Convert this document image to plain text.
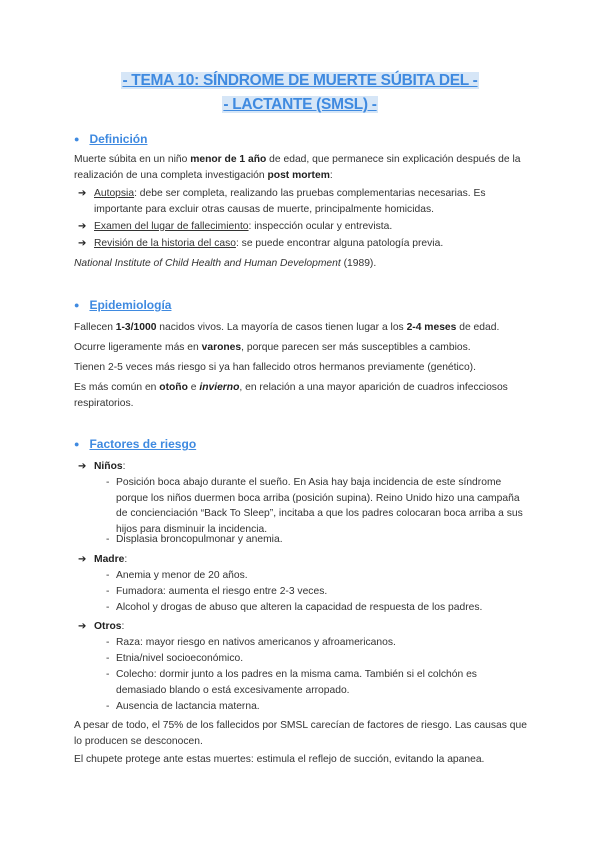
- TEMA 10: SÍNDROME DE MUERTE SÚBITA DEL -
- LACTANTE (SMSL) -
● Definición
Muerte súbita en un niño menor de 1 año de edad, que permanece sin explicación después de la realización de una completa investigación post mortem:
➔ Autopsia: debe ser completa, realizando las pruebas complementarias necesarias. Es importante para excluir otras causas de muerte, principalmente homicidas.
➔ Examen del lugar de fallecimiento: inspección ocular y entrevista.
➔ Revisión de la historia del caso: se puede encontrar alguna patología previa.
National Institute of Child Health and Human Development (1989).
● Epidemiología
Fallecen 1-3/1000 nacidos vivos. La mayoría de casos tienen lugar a los 2-4 meses de edad.
Ocurre ligeramente más en varones, porque parecen ser más susceptibles a cambios.
Tienen 2-5 veces más riesgo si ya han fallecido otros hermanos previamente (genético).
Es más común en otoño e invierno, en relación a una mayor aparición de cuadros infecciosos respiratorios.
● Factores de riesgo
➔ Niños:
- Posición boca abajo durante el sueño. En Asia hay baja incidencia de este síndrome porque los niños duermen boca arriba (posición supina). Reino Unido hizo una campaña de concienciación “Back To Sleep”, incitaba a que los padres colocaran boca arriba a sus hijos para disminuir la incidencia.
- Displasia broncopulmonar y anemia.
➔ Madre:
- Anemia y menor de 20 años.
- Fumadora: aumenta el riesgo entre 2-3 veces.
- Alcohol y drogas de abuso que alteren la capacidad de respuesta de los padres.
➔ Otros:
- Raza: mayor riesgo en nativos americanos y afroamericanos.
- Etnia/nivel socioeconómico.
- Colecho: dormir junto a los padres en la misma cama. También si el colchón es demasiado blando o está excesivamente arropado.
- Ausencia de lactancia materna.
A pesar de todo, el 75% de los fallecidos por SMSL carecían de factores de riesgo. Las causas que lo producen se desconocen.
El chupete protege ante estas muertes: estimula el reflejo de succión, evitando la apanea.
